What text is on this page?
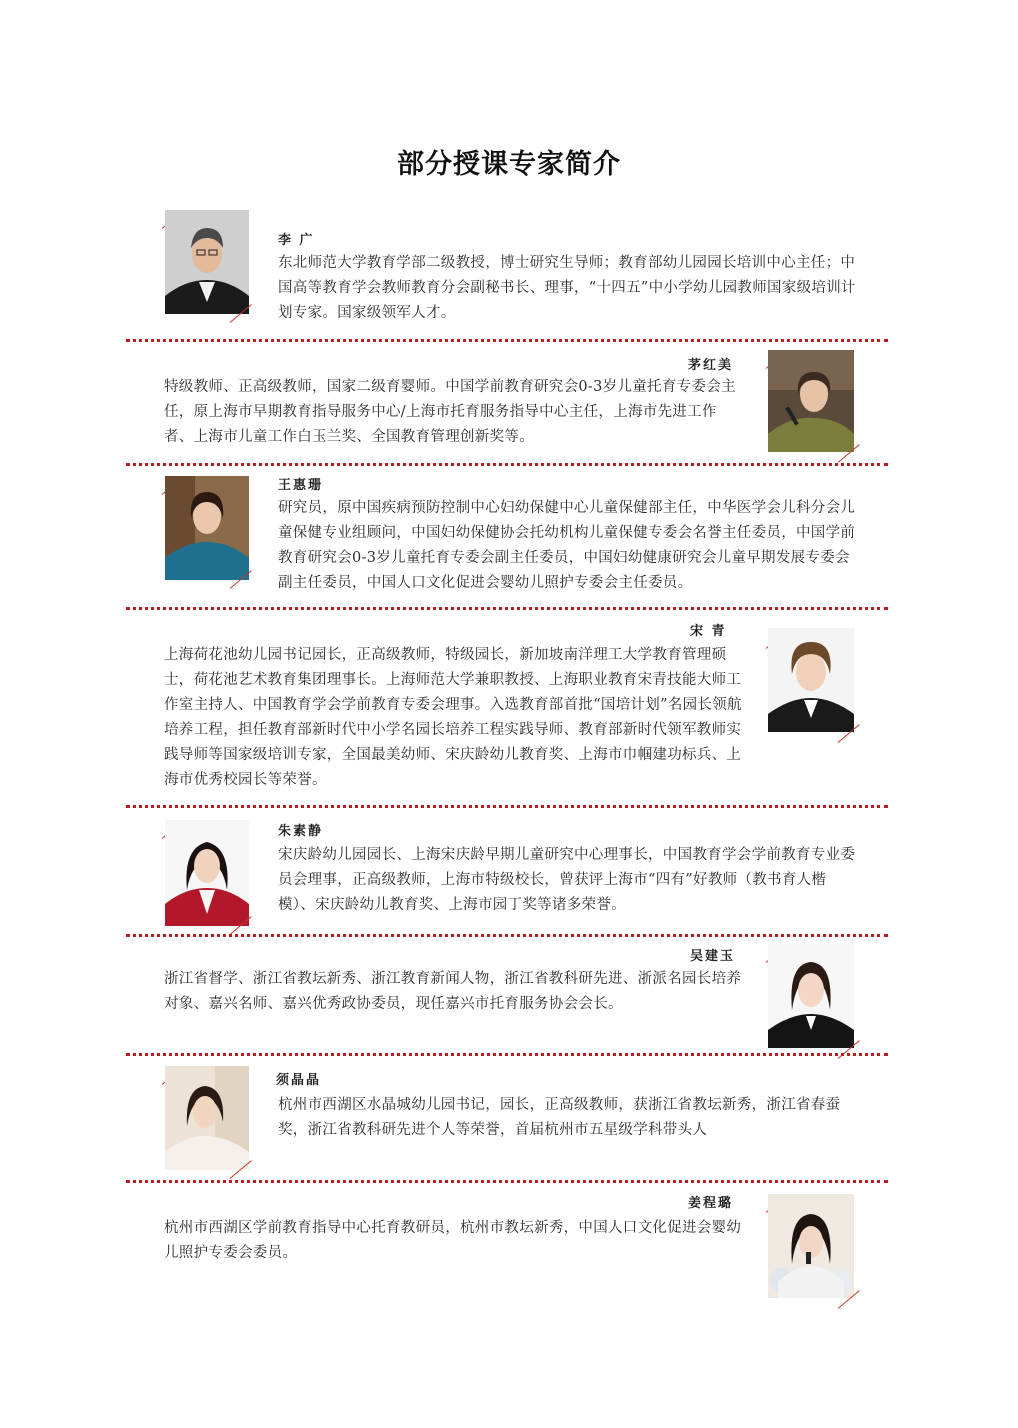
部分授课专家简介
李 广
东北师范大学教育学部二级教授，博士研究生导师；教育部幼儿园园长培训中心主任；中国高等教育学会教师教育分会副秘书长、理事，“十四五”中小学幼儿园教师国家级培训计划专家。国家级领军人才。
茅红美
特级教师、正高级教师，国家二级育婴师。中国学前教育研究会0-3岁儿童托育专委会主任，原上海市早期教育指导服务中心/上海市托育服务指导中心主任，上海市先进工作者、上海市儿童工作白玉兰奖、全国教育管理创新奖等。
王惠珊
研究员，原中国疾病预防控制中心妇幼保健中心儿童保健部主任，中华医学会儿科分会儿童保健专业组顾问，中国妇幼保健协会托幼机构儿童保健专委会名誉主任委员，中国学前教育研究会0-3岁儿童托育专委会副主任委员，中国妇幼健康研究会儿童早期发展专委会副主任委员，中国人口文化促进会婴幼儿照护专委会主任委员。
宋 青
上海荷花池幼儿园书记园长，正高级教师，特级园长，新加坡南洋理工大学教育管理硕士，荷花池艺术教育集团理事长。上海师范大学兼职教授、上海职业教育宋青技能大师工作室主持人、中国教育学会学前教育专委会理事。入选教育部首批“国培计划”名园长领航培养工程，担任教育部新时代中小学名园长培养工程实践导师、教育部新时代领军教师实践导师等国家级培训专家，全国最美幼师、宋庆龄幼儿教育奖、上海市巾帼建功标兵、上海市优秀校园长等荣誉。
朱素静
宋庆龄幼儿园园长、上海宋庆龄早期儿童研究中心理事长，中国教育学会学前教育专业委员会理事，正高级教师，上海市特级校长，曾获评上海市“四有”好教师（教书育人楷模）、宋庆龄幼儿教育奖、上海市园丁奖等诸多荣誉。
吴建玉
浙江省督学、浙江省教坛新秀、浙江教育新闻人物，浙江省教科研先进、浙派名园长培养对象、嘉兴名师、嘉兴优秀政协委员，现任嘉兴市托育服务协会会长。
须晶晶
杭州市西湖区水晶城幼儿园书记，园长，正高级教师，获浙江省教坛新秀，浙江省春蚕奖，浙江省教科研先进个人等荣誉，首届杭州市五星级学科带头人
姜程璐
杭州市西湖区学前教育指导中心托育教研员，杭州市教坛新秀，中国人口文化促进会婴幼儿照护专委会委员。
